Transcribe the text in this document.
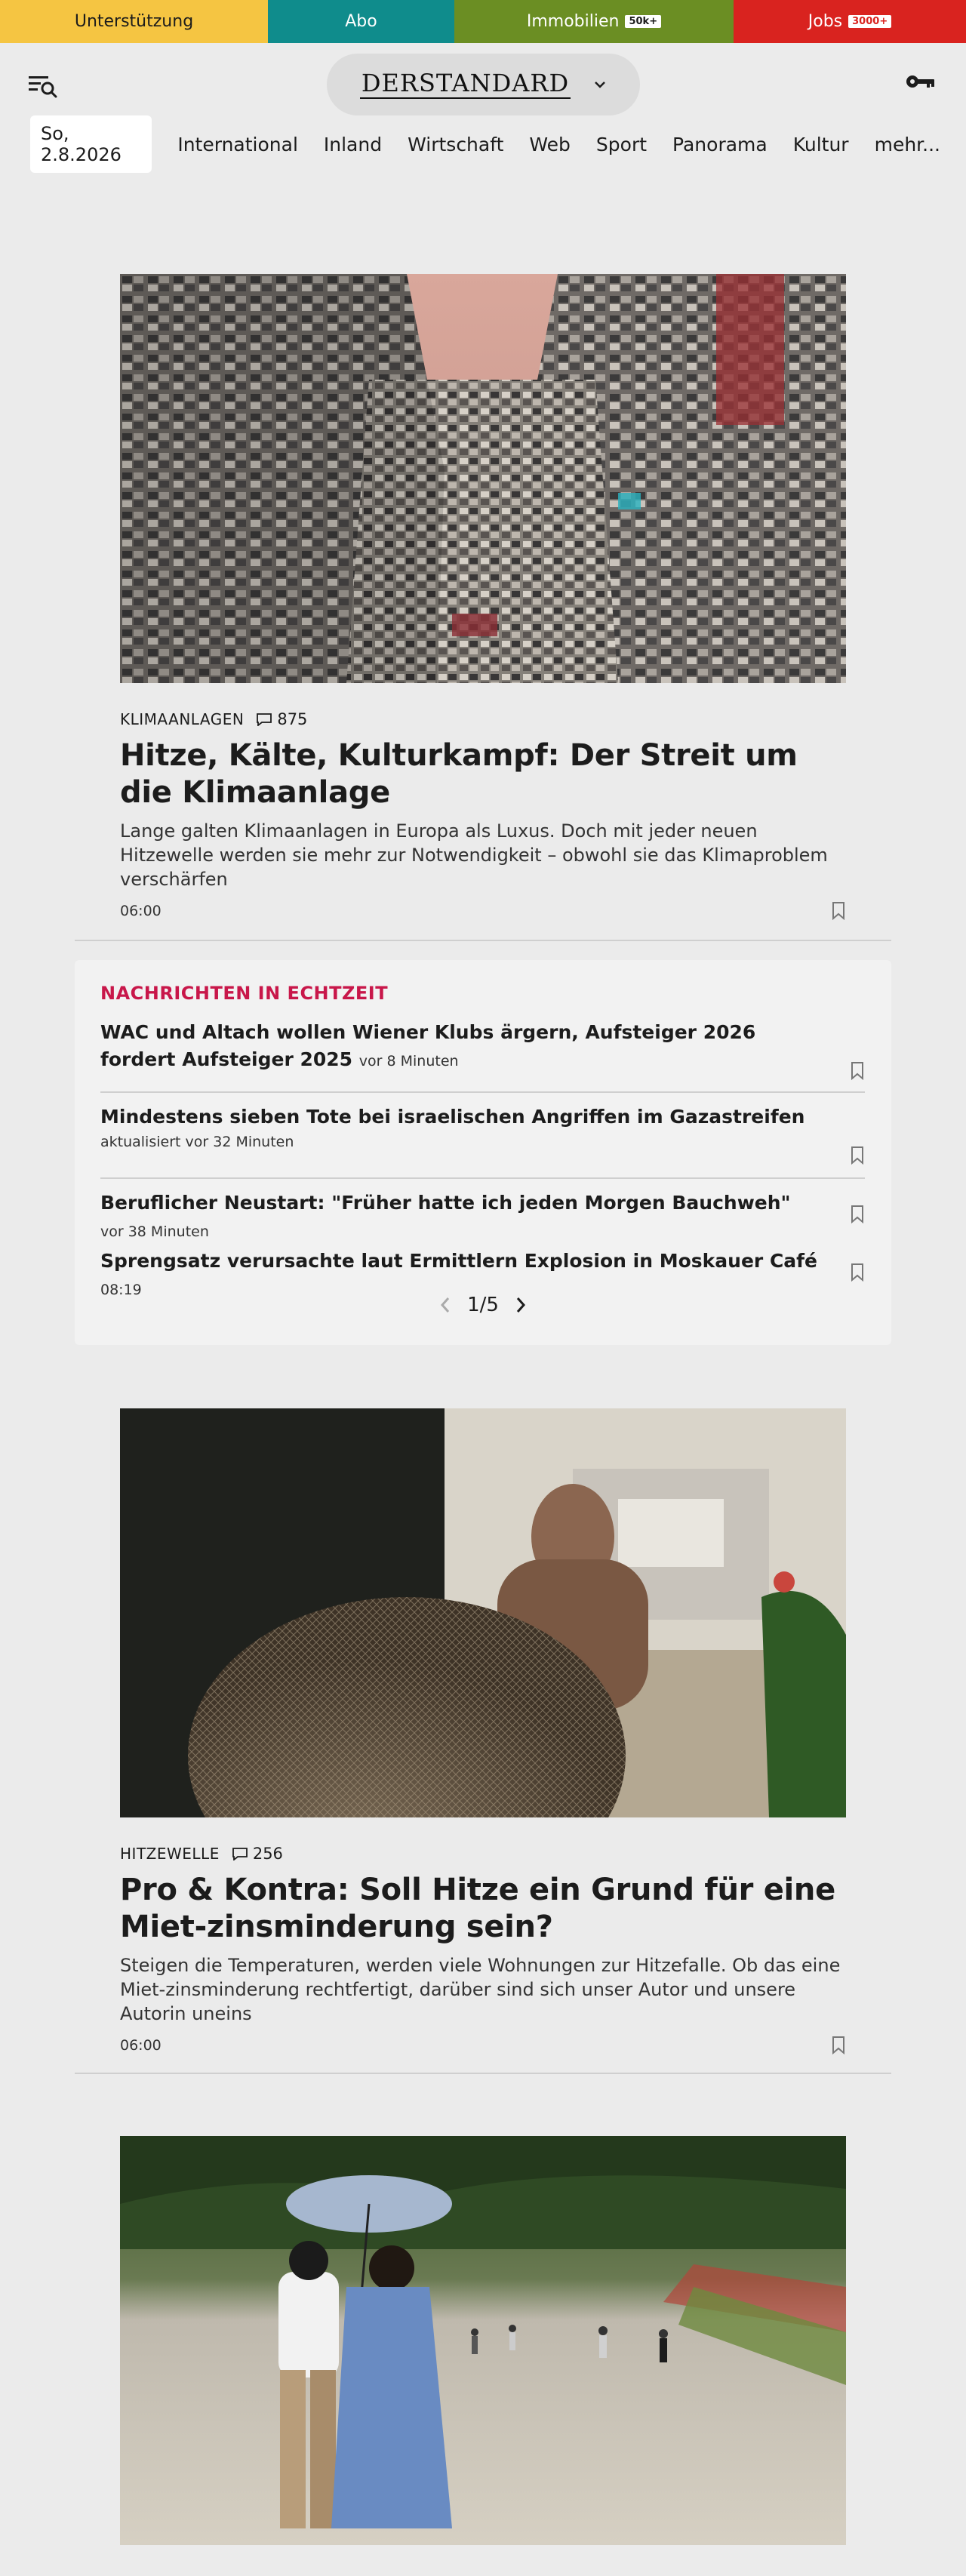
Unterstützung	Abo	Immobilien	50k+	Jobs	3000+
DERSTANDARD
So, 2.8.2026	International Inland Wirtschaft Web Sport Panorama Kultur mehr...
KLIMAANLAGEN 875
Hitze, Kälte, Kulturkampf: Der Streit um die Klimaanlage

Lange galten Klimaanlagen in Europa als Luxus. Doch mit jeder neuen Hitzewelle werden sie mehr zur Notwendigkeit – obwohl sie das Klimaproblem verschärfen

06:00
NACHRICHTEN IN ECHTZEIT
WAC und Altach wollen Wiener Klubs ärgern, Aufsteiger 2026 fordert Aufsteiger 2025 vor 8 Minuten
Mindestens sieben Tote bei israelischen Angriffen im Gazastreifen
aktualisiert vor 32 Minuten
Beruflicher Neustart: "Früher hatte ich jeden Morgen Bauchweh" vor 38 Minuten
Sprengsatz verursachte laut Ermittlern Explosion in Moskauer Café 08:19
1/5
HITZEWELLE 256
Pro & Kontra: Soll Hitze ein Grund für eine Miet-zinsminderung sein?

Steigen die Temperaturen, werden viele Wohnungen zur Hitzefalle. Ob das eine Miet-zinsminderung rechtfertigt, darüber sind sich unser Autor und unsere Autorin uneins

06:00
